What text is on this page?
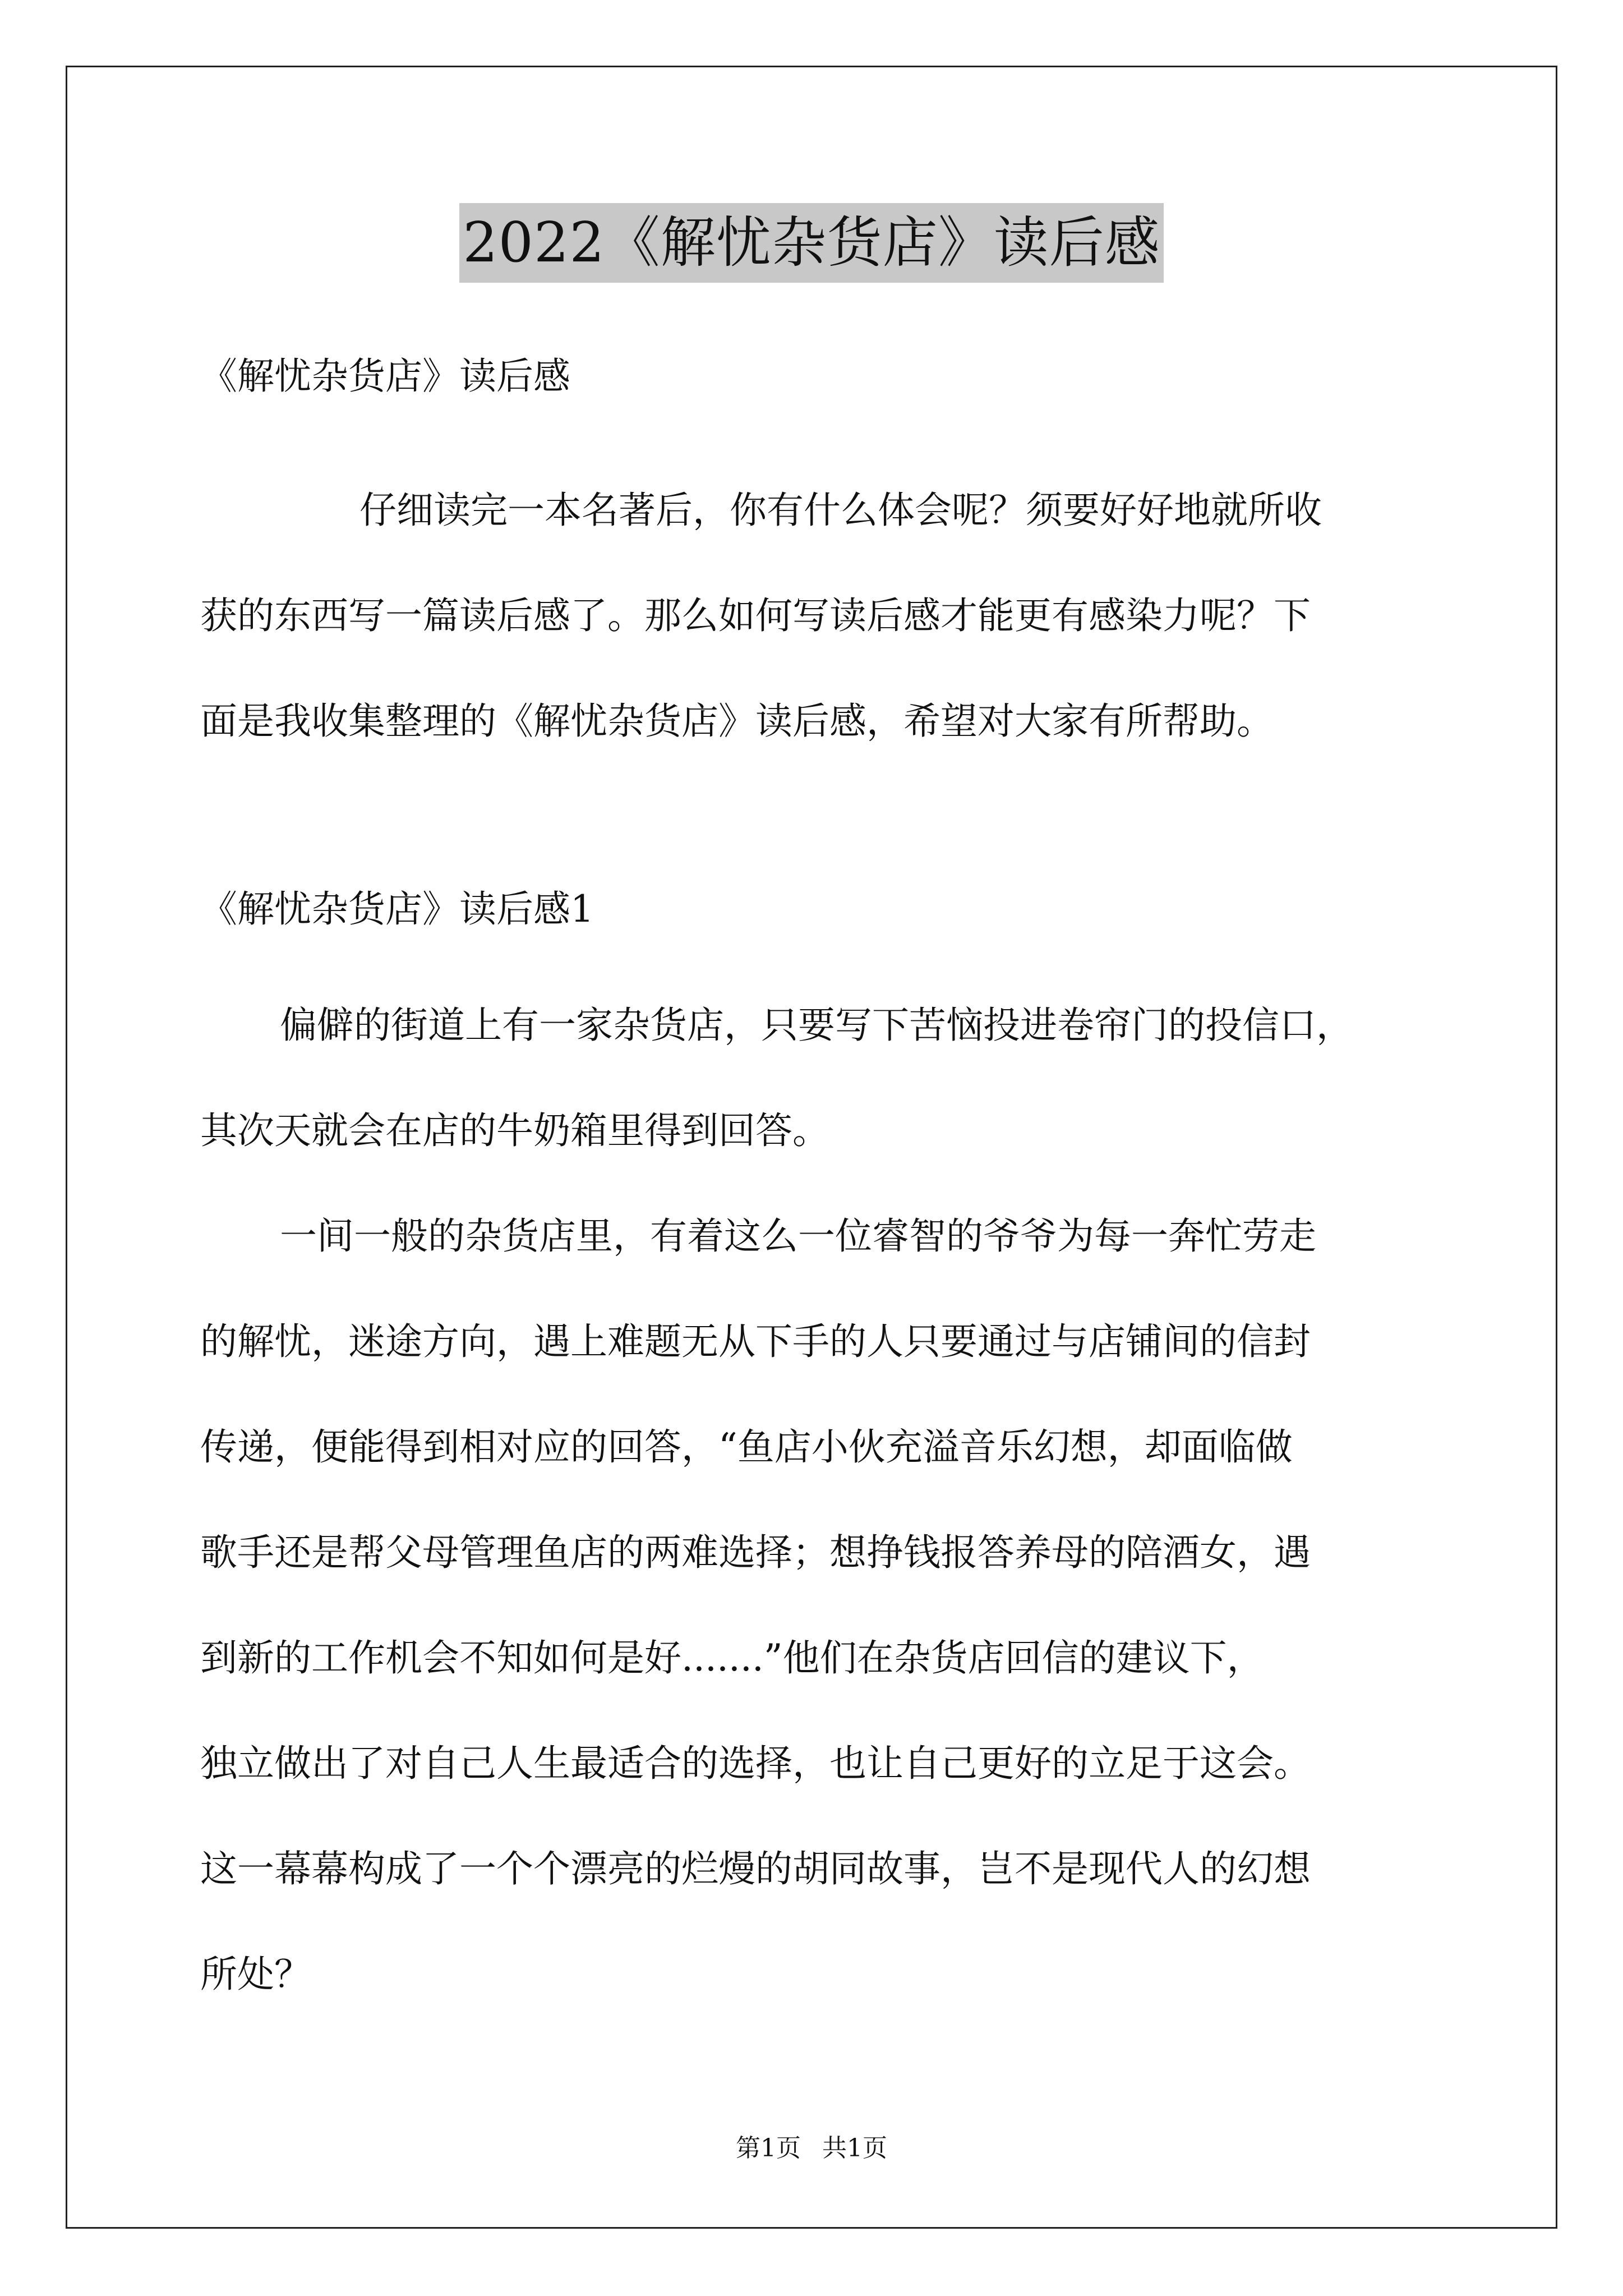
2022《解忧杂货店》读后感

《解忧杂货店》读后感

仔细读完一本名著后，你有什么体会呢？须要好好地就所收
获的东西写一篇读后感了。那么如何写读后感才能更有感染力呢？下
面是我收集整理的《解忧杂货店》读后感，希望对大家有所帮助。

《解忧杂货店》读后感1

偏僻的街道上有一家杂货店，只要写下苦恼投进卷帘门的投信口，
其次天就会在店的牛奶箱里得到回答。

一间一般的杂货店里，有着这么一位睿智的爷爷为每一奔忙劳走
的解忧，迷途方向，遇上难题无从下手的人只要通过与店铺间的信封
传递，便能得到相对应的回答，“鱼店小伙充溢音乐幻想，却面临做
歌手还是帮父母管理鱼店的两难选择；想挣钱报答养母的陪酒女，遇
到新的工作机会不知如何是好.......”他们在杂货店回信的建议下，
独立做出了对自己人生最适合的选择，也让自己更好的立足于这会。
这一幕幕构成了一个个漂亮的烂熳的胡同故事，岂不是现代人的幻想
所处？

第1页 共1页
